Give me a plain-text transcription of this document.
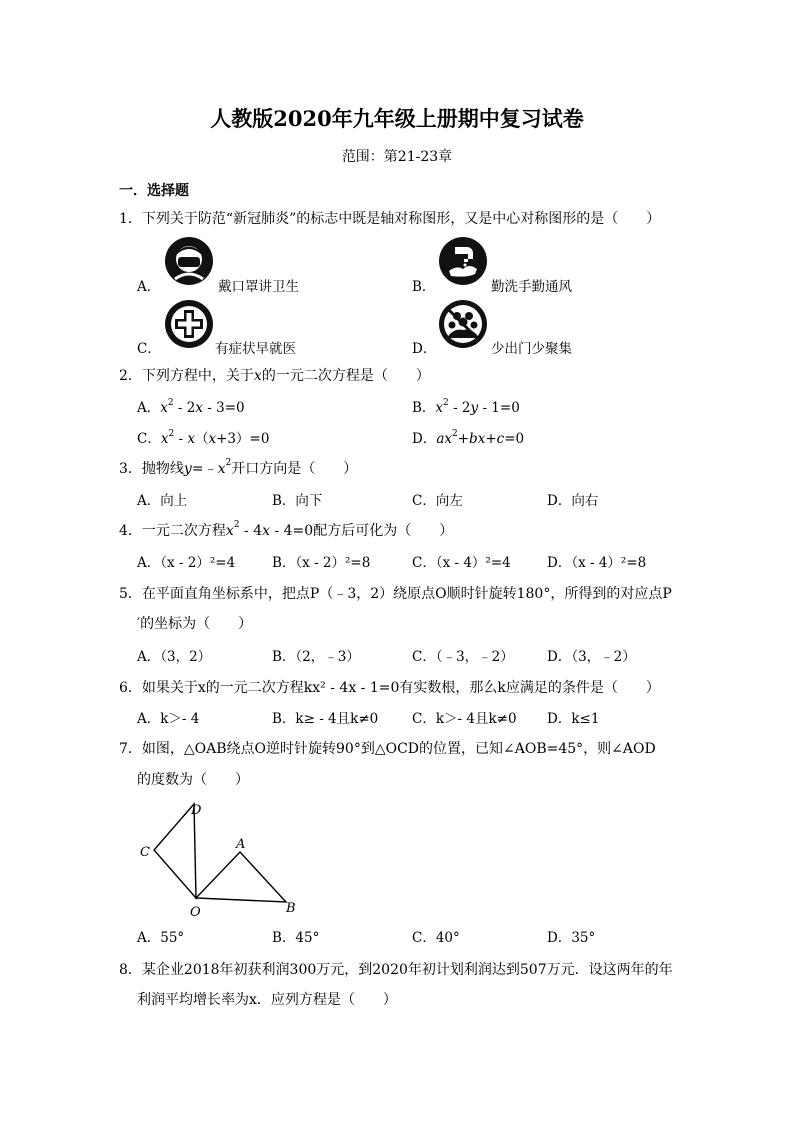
人教版2020年九年级上册期中复习试卷
范围：第21-23章
一．选择题
1．下列关于防范“新冠肺炎”的标志中既是轴对称图形，又是中心对称图形的是（　　）
A．	戴口罩讲卫生	B．	勤洗手勤通风
C．	有症状早就医	D．	少出门少聚集
2．下列方程中，关于x的一元二次方程是（　　）
A．$x^2 - 2x - 3=0$	B．$x^2 - 2y - 1=0$
C．$x^2 - x(x+3)=0$	D．$ax^2+bx+c=0$
3．抛物线$y=﹣x^2$开口方向是（　　）
A．向上	B．向下	C．向左	D．向右
4．一元二次方程$x^2 - 4x - 4=0$配方后可化为（　　）
A．（x - 2）²=4	B．（x - 2）²=8	C．（x - 4）²=4	D．（x - 4）²=8
5．在平面直角坐标系中，把点P（﹣3，2）绕原点O顺时针旋转180°，所得到的对应点P
′的坐标为（　　）
A．（3，2）	B．（2，﹣3）	C．（﹣3，﹣2） D．（3，﹣2）
6．如果关于x的一元二次方程kx² - 4x - 1=0有实数根，那么k应满足的条件是（　　）
A．k＞- 4	B．k≥ - 4且k≠0	C．k＞- 4且k≠0 D．k≤1
7．如图，△OAB绕点O逆时针旋转90°到△OCD的位置，已知∠AOB=45°，则∠AOD
的度数为（　　）
D
C
A
O	B
A．55°	B．45°	C．40°	D．35°
8．某企业2018年初获利润300万元，到2020年初计划利润达到507万元．设这两年的年
利润平均增长率为x．应列方程是（　　）
